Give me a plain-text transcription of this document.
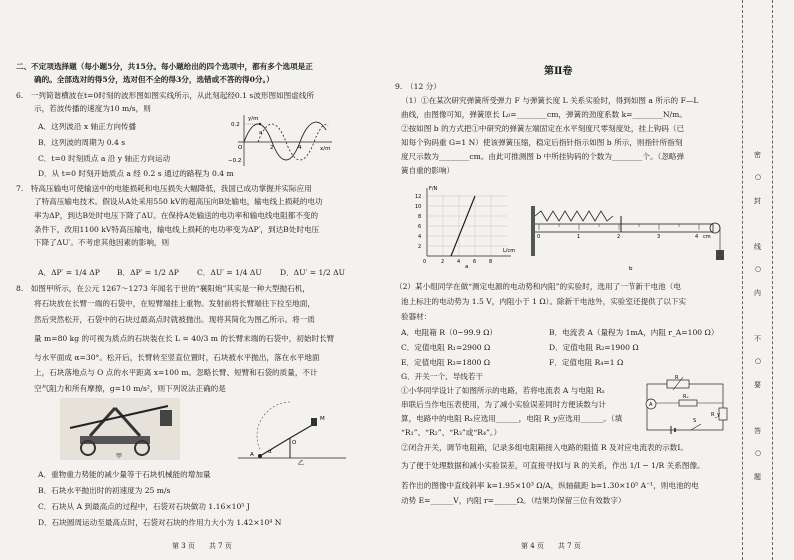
二、不定项选择题（每小题5分，共15分。每小题给出的四个选项中，都有多个选项是正
确的。全部选对的得5分，选对但不全的得3分，选错或不答的得0分。）
6.　一列简谐横波在t=0时刻的波形图如图实线所示，从此刻起经0.1 s波形图如图虚线所
示，若波传播的速度为10 m/s，则
A．这列波沿 x 轴正方向传播
B．这列波的周期为 0.4 s
C．t=0 时刻质点 a 沿 y 轴正方向运动
D．从 t=0 时刻开始质点 a 经 0.2 s 通过的路程为 0.4 m
y/m
0.2
−0.2
x/m
O	2	4
a
7.　特高压输电可使输送中的电能损耗和电压损失大幅降低，我国已成功掌握并实际应用
了特高压输电技术。假设从A处采用550 kV的超高压向B处输电，输电线上损耗的电功
率为ΔP，到达B处时电压下降了ΔU。在保持A处输送的电功率和输电线电阻都不变的
条件下，改用1100 kV特高压输电，输电线上损耗的电功率变为ΔP′，到达B处时电压
下降了ΔU′。不考虑其他因素的影响，则
A．ΔP′ = 1/4 ΔP B．ΔP′ = 1/2 ΔP C．ΔU′ = 1/4 ΔU D．ΔU′ = 1/2 ΔU
8.　如图甲所示，在公元 1267～1273 年闻名于世的“襄阳炮”其实是一种大型抛石机，
将石块放在长臂一端的石袋中，在短臂端挂上重物。发射前将长臂端往下拉至地面，
然后突然松开，石袋中的石块过最高点时就被抛出。现将其简化为图乙所示。将一质
量 m=80 kg 的可视为质点的石块装在长 L = 40/3 m 的长臂末端的石袋中，初始时长臂
与水平面成 α=30°。松开后，长臂转至竖直位置时，石块被水平抛出，落在水平地面
上，石块落地点与 O 点的水平距离 x=100 m。忽略长臂、短臂和石袋的质量，不计
空气阻力和所有摩擦，g=10 m/s²，则下列说法正确的是
甲	A
O
α
M
乙
A．重物重力势能的减少量等于石块机械能的增加量
B．石块水平抛出时的初速度为 25 m/s
C．石块从 A 到最高点的过程中，石袋对石块做功 1.16×10⁵ J
D．石块圆周运动至最高点时，石袋对石块的作用力大小为 1.42×10⁴ N
第 3 页　　共 7 页
第Ⅱ卷
9.　（12 分）
（1）①在某次研究弹簧所受弹力 F 与弹簧长度 L 关系实验时，得到如图 a 所示的 F—L
曲线，由图像可知，弹簧原长 L₀=________cm，弹簧的劲度系数 k=________N/m。
②按如图 b 的方式把①中研究的弹簧左端固定在水平刻度尺零刻度处，挂上钩码（已
知每个钩码重 G=1 N）使该弹簧压缩，稳定后指针指示如图 b 所示，则指针所指刻
度尺示数为________cm。由此可推测图 b 中所挂钩码的个数为________个。（忽略弹
簧自重的影响）
F/N
12
10
8
6
4
2
0	2	4	6	8
L/cm
a
0	1	2	3	4 cm
b
（2）某小组同学在做“测定电源的电动势和内阻”的实验时，选用了一节新干电池（电
池上标注的电动势为 1.5 V，内阻小于 1 Ω）。除新干电池外，实验室还提供了以下实
验器材：
A．电阻箱 R（0~99.9 Ω）	B．电流表 A（量程为 1mA，内阻 r_A=100 Ω）
C．定值电阻 R₁=2900 Ω	D．定值电阻 R₂=1900 Ω
E．定值电阻 R₃=1800 Ω	F．定值电阻 R₄=1 Ω
G．开关一个、导线若干
①小华同学设计了如图所示的电路，若将电流表 A 与电阻 Rₓ
串联后当作电压表使用，为了减小实验误差同时方便读数与计
算，电路中的电阻 Rₓ应选用______，电阻 R_y应选用______。（填
“R₁”、“R₂”、“R₃”或“R₄”。）
②闭合开关，调节电阻箱，记录多组电阻箱接入电路的阻值 R 及对应电流表的示数I。
为了便于处理数据和减小实验误差，可直接寻找I与 R 的关系，作出 1/I − 1/R 关系图像。
若作出的图像中直线斜率 k=1.95×10³ Ω/A，纵轴截距 b=1.30×10⁵ A⁻¹，则电池的电
动势 E=______V，内阻 r=______Ω。（结果均保留三位有效数字）
R
A
Rₓ
R_y
S
第 4 页　　共 7 页
密
封
线
内
不
要
答
题
○
○
○
○
